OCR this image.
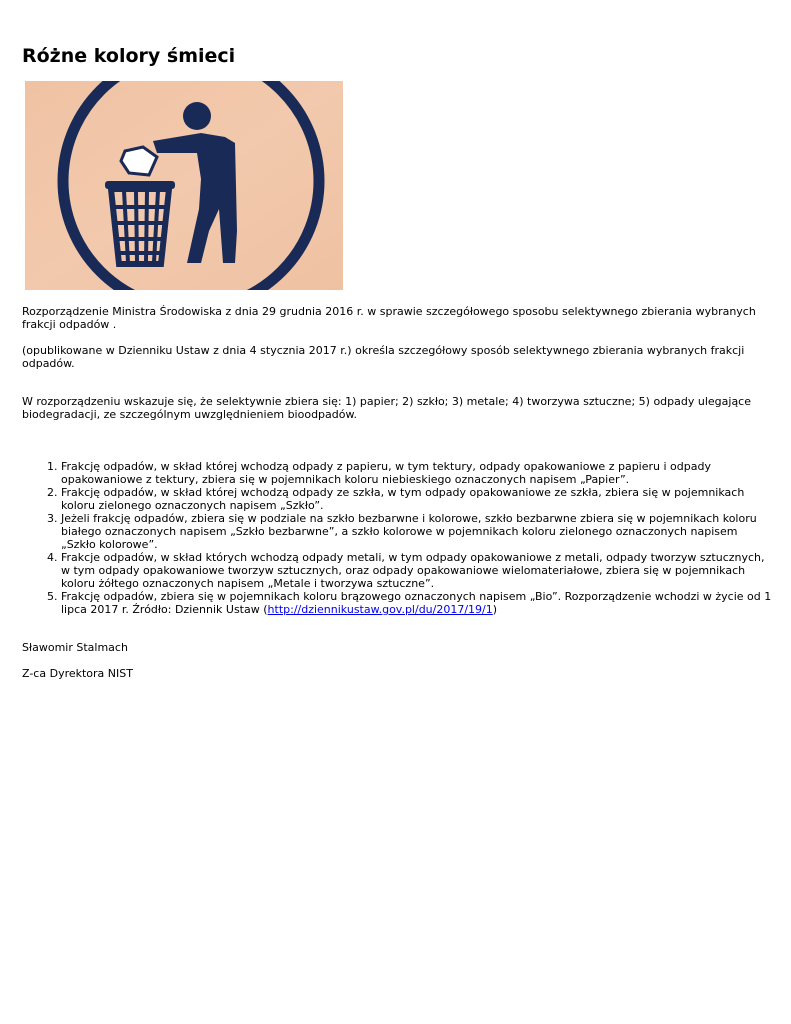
Różne kolory śmieci

Rozporządzenie Ministra Środowiska z dnia 29 grudnia 2016 r. w sprawie szczegółowego sposobu selektywnego zbierania wybranych frakcji odpadów .

(opublikowane w Dzienniku Ustaw z dnia 4 stycznia 2017 r.) określa szczegółowy sposób selektywnego zbierania wybranych frakcji odpadów.

W rozporządzeniu wskazuje się, że selektywnie zbiera się: 1) papier; 2) szkło; 3) metale; 4) tworzywa sztuczne; 5) odpady ulegające biodegradacji, ze szczególnym uwzględnieniem bioodpadów.

1. Frakcję odpadów, w skład której wchodzą odpady z papieru, w tym tektury, odpady opakowaniowe z papieru i odpady opakowaniowe z tektury, zbiera się w pojemnikach koloru niebieskiego oznaczonych napisem „Papier”.
2. Frakcję odpadów, w skład której wchodzą odpady ze szkła, w tym odpady opakowaniowe ze szkła, zbiera się w pojemnikach koloru zielonego oznaczonych napisem „Szkło”.
3. Jeżeli frakcję odpadów, zbiera się w podziale na szkło bezbarwne i kolorowe, szkło bezbarwne zbiera się w pojemnikach koloru białego oznaczonych napisem „Szkło bezbarwne”, a szkło kolorowe w pojemnikach koloru zielonego oznaczonych napisem „Szkło kolorowe”.
4. Frakcje odpadów, w skład których wchodzą odpady metali, w tym odpady opakowaniowe z metali, odpady tworzyw sztucznych, w tym odpady opakowaniowe tworzyw sztucznych, oraz odpady opakowaniowe wielomateriałowe, zbiera się w pojemnikach koloru żółtego oznaczonych napisem „Metale i tworzywa sztuczne”.
5. Frakcję odpadów, zbiera się w pojemnikach koloru brązowego oznaczonych napisem „Bio”. Rozporządzenie wchodzi w życie od 1 lipca 2017 r. Źródło: Dziennik Ustaw (http://dziennikustaw.gov.pl/du/2017/19/1)

Sławomir Stalmach

Z-ca Dyrektora NIST
